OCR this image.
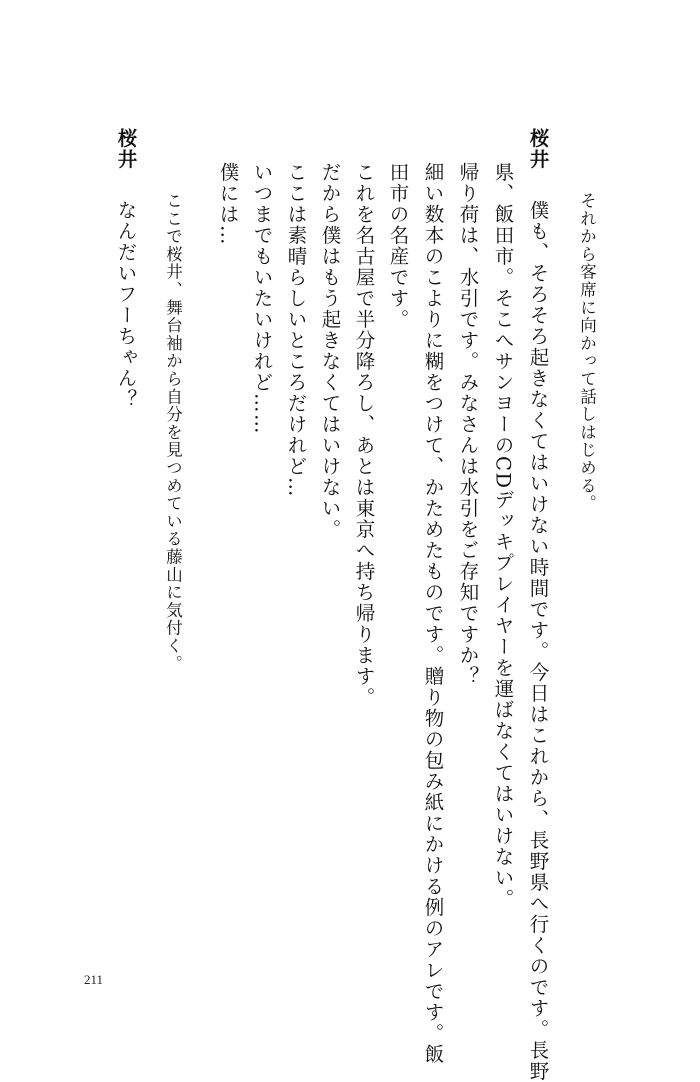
それから客席に向かって話しはじめる。
桜井僕も、そろそろ起きなくてはいけない時間です。今日はこれから、長野県へ行くのです。長野
県、飯田市。そこへサンヨーのCDデッキプレイヤーを運ばなくてはいけない。
帰り荷は、水引です。みなさんは水引をご存知ですか？
細い数本のこよりに糊をつけて、かためたものです。贈り物の包み紙にかける例のアレです。飯
田市の名産です。
これを名古屋で半分降ろし、あとは東京へ持ち帰ります。
だから僕はもう起きなくてはいけない。
ここは素晴らしいところだけれど…
いつまでもいたいけれど……
僕には…
ここで桜井、舞台袖から自分を見つめている藤山に気付く。
桜井なんだいフーちゃん？
211
